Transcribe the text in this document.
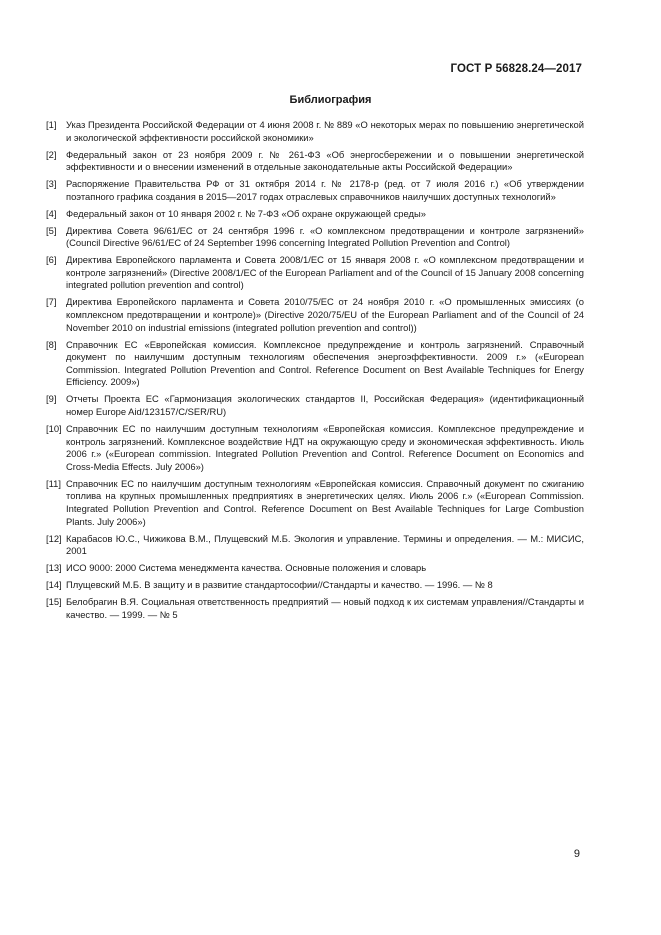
ГОСТ Р 56828.24—2017
Библиография
[1]	Указ Президента Российской Федерации от 4 июня 2008 г. № 889 «О некоторых мерах по повышению энергетической и экологической эффективности российской экономики»
[2]	Федеральный закон от 23 ноября 2009 г. № 261-ФЗ «Об энергосбережении и о повышении энергетической эффективности и о внесении изменений в отдельные законодательные акты Российской Федерации»
[3]	Распоряжение Правительства РФ от 31 октября 2014 г. № 2178-р (ред. от 7 июля 2016 г.) «Об утверждении поэтапного графика создания в 2015—2017 годах отраслевых справочников наилучших доступных технологий»
[4]	Федеральный закон от 10 января 2002 г. № 7-ФЗ «Об охране окружающей среды»
[5]	Директива Совета 96/61/ЕС от 24 сентября 1996 г. «О комплексном предотвращении и контроле загрязнений» (Council Directive 96/61/EC of 24 September 1996 concerning Integrated Pollution Prevention and Control)
[6]	Директива Европейского парламента и Совета 2008/1/ЕС от 15 января 2008 г. «О комплексном предотвращении и контроле загрязнений» (Directive 2008/1/EC of the European Parliament and of the Council of 15 January 2008 concerning integrated pollution prevention and control)
[7]	Директива Европейского парламента и Совета 2010/75/ЕС от 24 ноября 2010 г. «О промышленных эмиссиях (о комплексном предотвращении и контроле)» (Directive 2020/75/EU of the European Parliament and of the Council of 24 November 2010 on industrial emissions (integrated pollution prevention and control))
[8]	Справочник ЕС «Европейская комиссия. Комплексное предупреждение и контроль загрязнений. Справочный документ по наилучшим доступным технологиям обеспечения энергоэффективности. 2009 г.» («European Commission. Integrated Pollution Prevention and Control. Reference Document on Best Available Techniques for Energy Efficiency. 2009»)
[9]	Отчеты Проекта ЕС «Гармонизация экологических стандартов II, Российская Федерация» (идентификационный номер Europe Aid/123157/C/SER/RU)
[10] Справочник ЕС по наилучшим доступным технологиям «Европейская комиссия. Комплексное предупреждение и контроль загрязнений. Комплексное воздействие НДТ на окружающую среду и экономическая эффективность. Июль 2006 г.» («European commission. Integrated Pollution Prevention and Control. Reference Document on Economics and Cross-Media Effects. July 2006»)
[11] Справочник ЕС по наилучшим доступным технологиям «Европейская комиссия. Справочный документ по сжиганию топлива на крупных промышленных предприятиях в энергетических целях. Июль 2006 г.» («European Commission. Integrated Pollution Prevention and Control. Reference Document on Best Available Techniques for Large Combustion Plants. July 2006»)
[12] Карабасов Ю.С., Чижикова В.М., Плущевский М.Б. Экология и управление. Термины и определения. — М.: МИСИС, 2001
[13] ИСО 9000: 2000 Система менеджмента качества. Основные положения и словарь
[14] Плущевский М.Б. В защиту и в развитие стандартософии//Стандарты и качество. — 1996. — № 8
[15] Белобрагин В.Я. Социальная ответственность предприятий — новый подход к их системам управления//Стандарты и качество. — 1999. — № 5
9
